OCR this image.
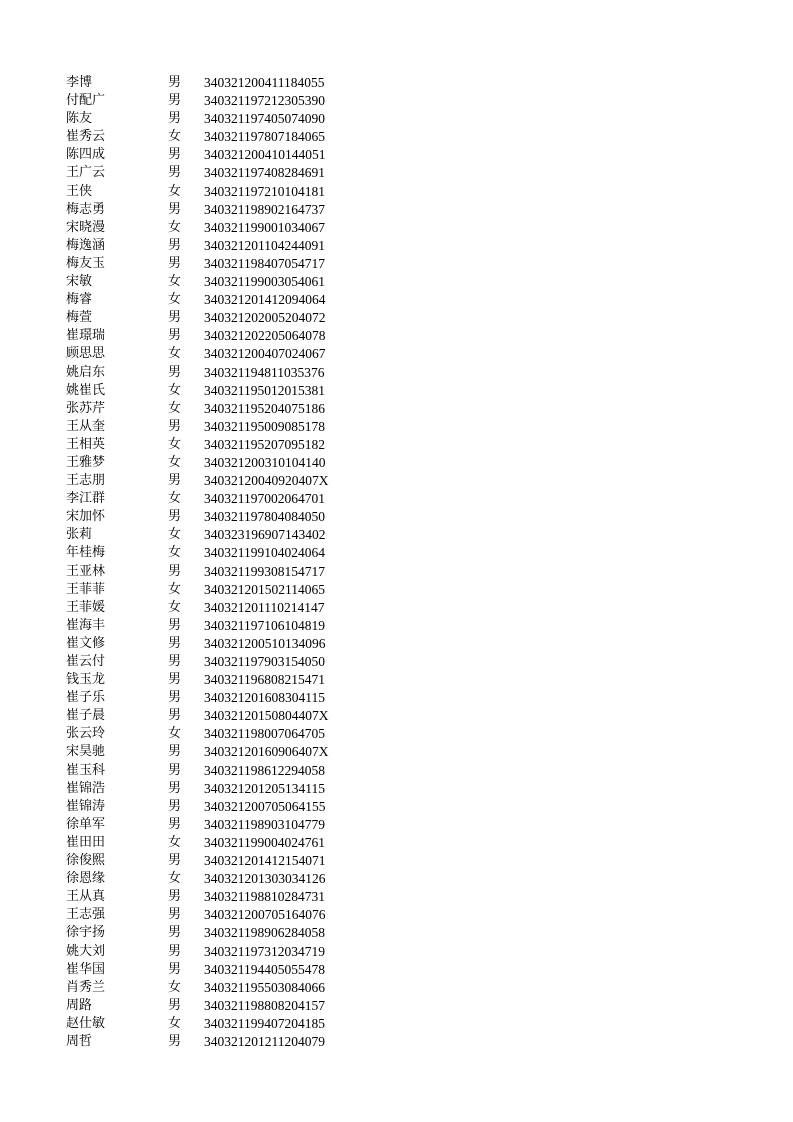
李博	男	340321200411184055
付配广	男	340321197212305390
陈友	男	340321197405074090
崔秀云	女	340321197807184065
陈四成	男	340321200410144051
王广云	男	340321197408284691
王侠	女	340321197210104181
梅志勇	男	340321198902164737
宋晓漫	女	340321199001034067
梅逸涵	男	340321201104244091
梅友玉	男	340321198407054717
宋敏	女	340321199003054061
梅睿	女	340321201412094064
梅萱	男	340321202005204072
崔璟瑞	男	340321202205064078
顾思思	女	340321200407024067
姚启东	男	340321194811035376
姚崔氏	女	340321195012015381
张苏芹	女	340321195204075186
王从奎	男	340321195009085178
王相英	女	340321195207095182
王雅梦	女	340321200310104140
王志朋	男	34032120040920407X
李江群	女	340321197002064701
宋加怀	男	340321197804084050
张莉	女	340323196907143402
年桂梅	女	340321199104024064
王亚林	男	340321199308154717
王菲菲	女	340321201502114065
王菲媛	女	340321201110214147
崔海丰	男	340321197106104819
崔文修	男	340321200510134096
崔云付	男	340321197903154050
钱玉龙	男	340321196808215471
崔子乐	男	340321201608304115
崔子晨	男	34032120150804407X
张云玲	女	340321198007064705
宋昊驰	男	34032120160906407X
崔玉科	男	340321198612294058
崔锦浩	男	340321201205134115
崔锦涛	男	340321200705064155
徐单军	男	340321198903104779
崔田田	女	340321199004024761
徐俊熙	男	340321201412154071
徐恩缘	女	340321201303034126
王从真	男	340321198810284731
王志强	男	340321200705164076
徐宇扬	男	340321198906284058
姚大刘	男	340321197312034719
崔华国	男	340321194405055478
肖秀兰	女	340321195503084066
周路	男	340321198808204157
赵仕敏	女	340321199407204185
周哲	男	340321201211204079
